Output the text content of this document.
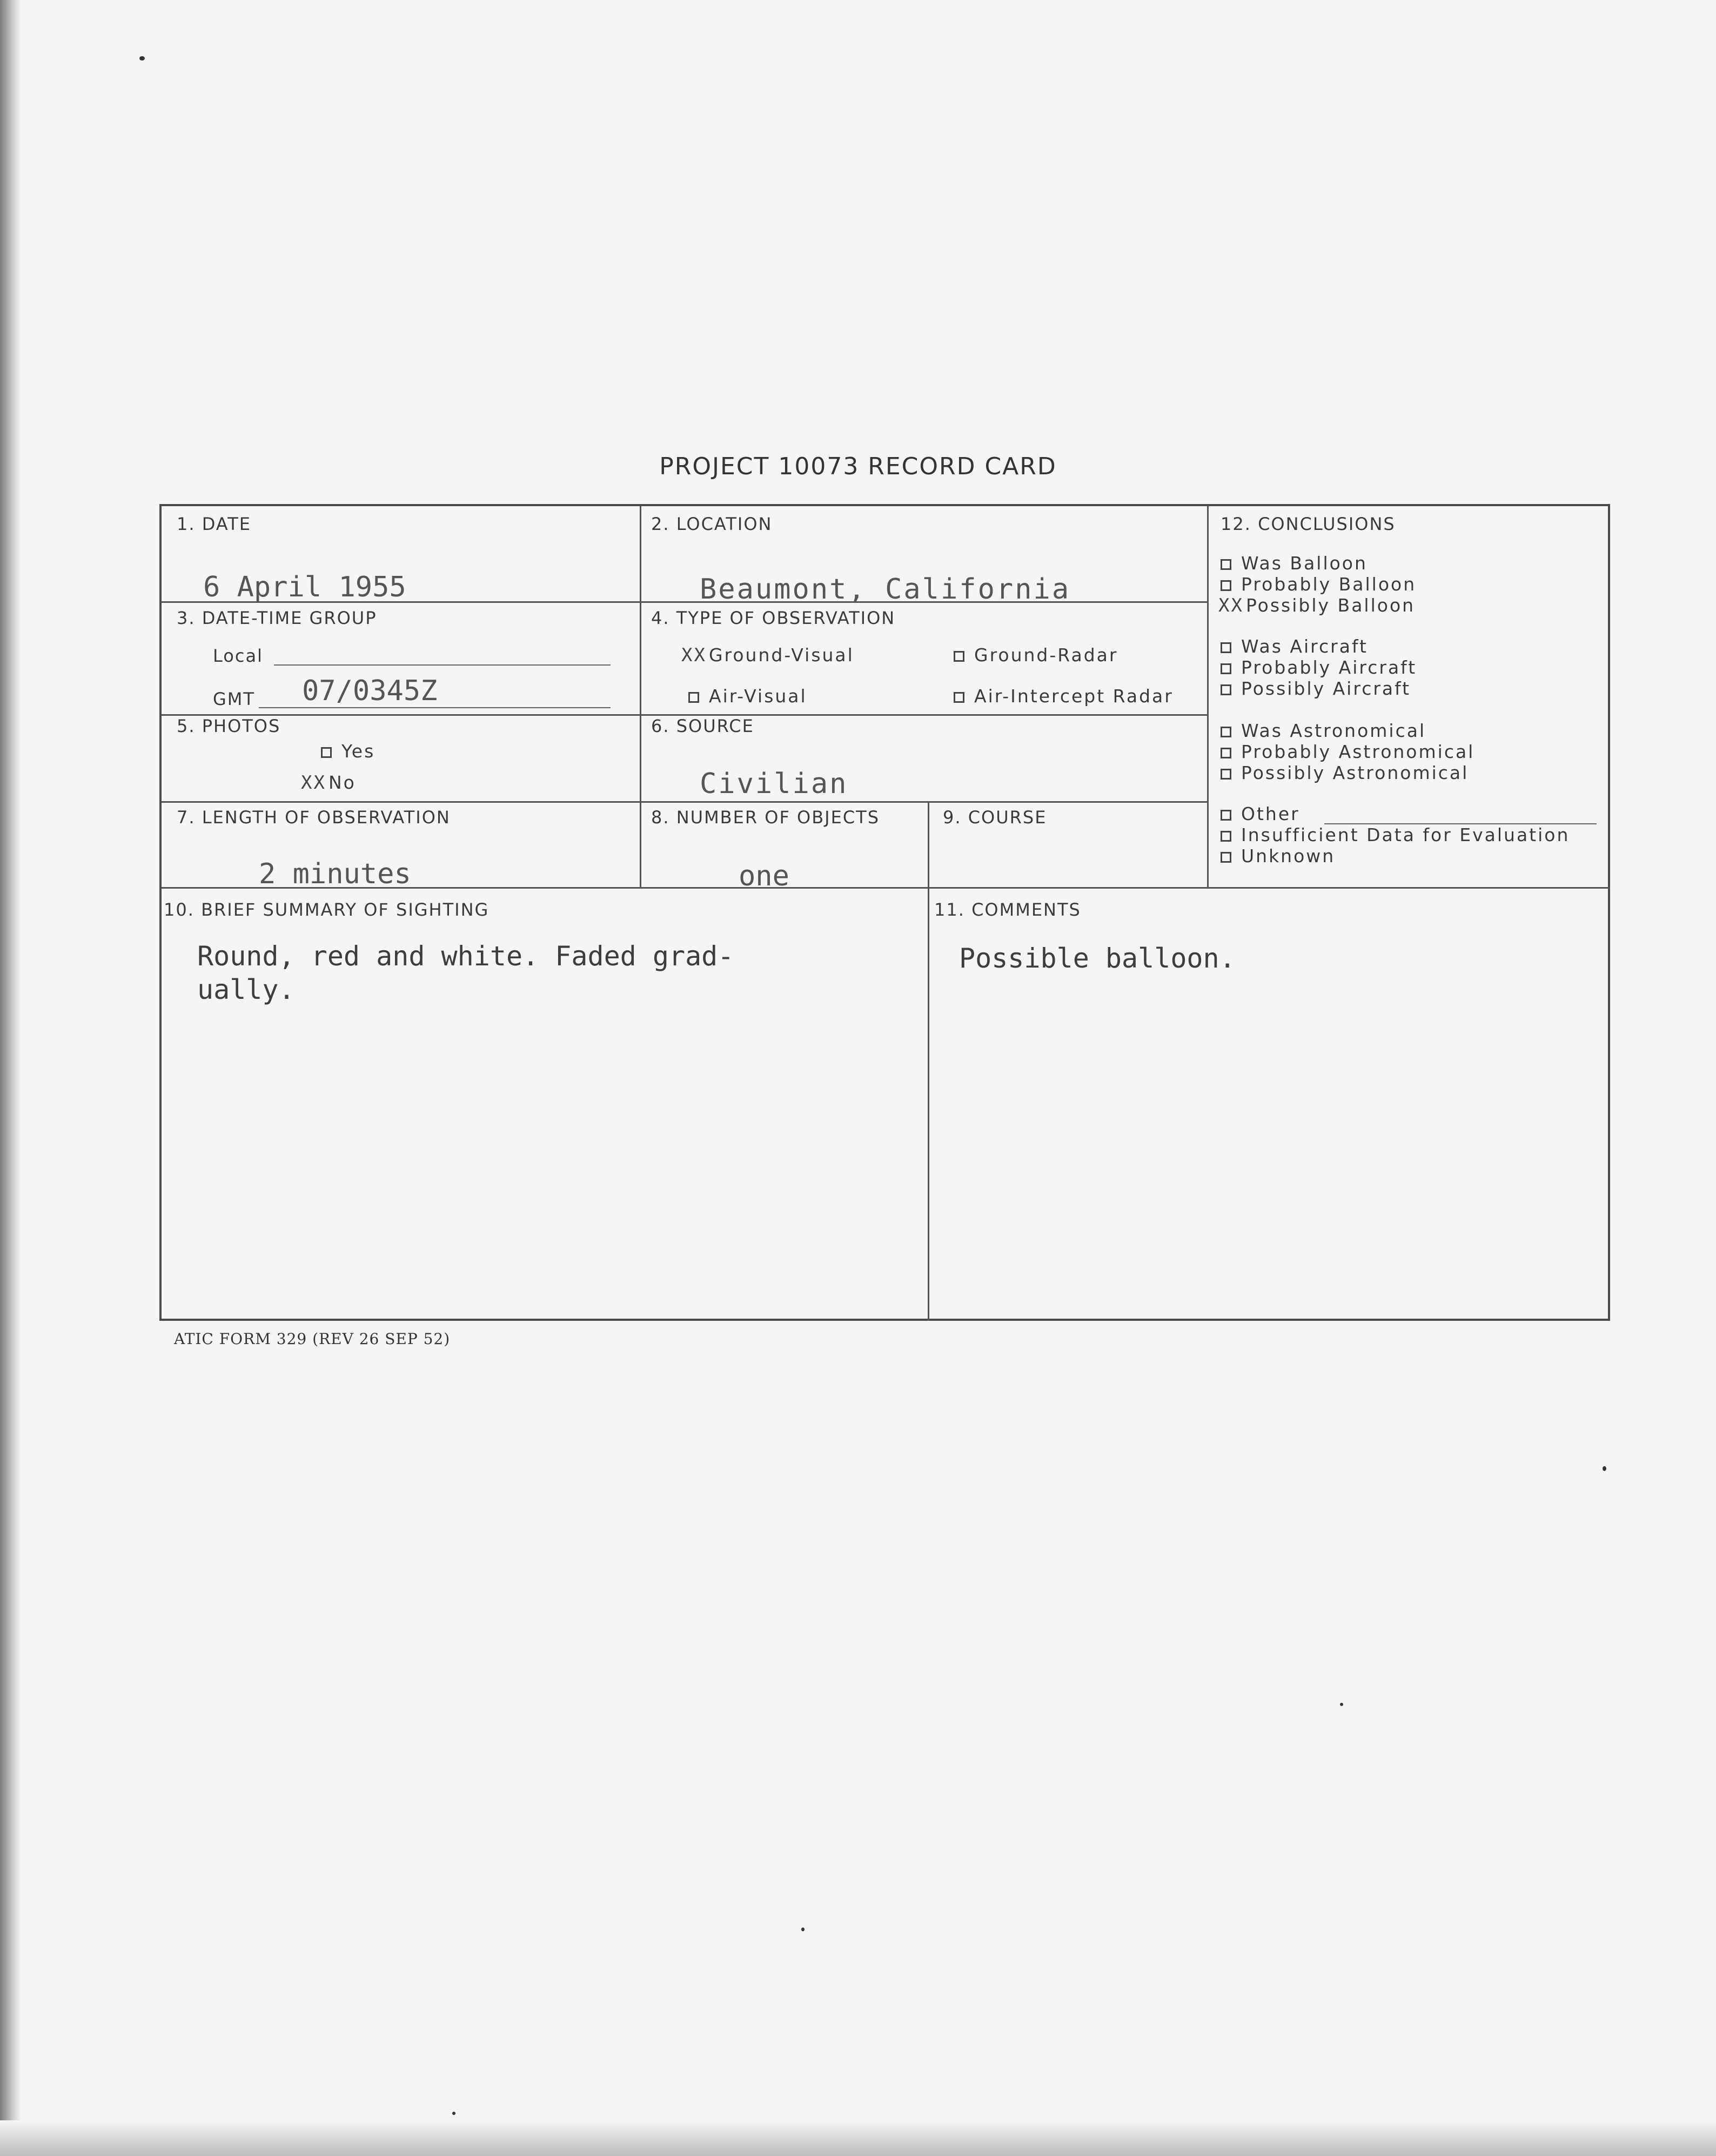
PROJECT 10073 RECORD CARD
1. DATE
6 April 1955
2. LOCATION
Beaumont, California
3. DATE-TIME GROUP
Local
GMT 07/0345Z
4. TYPE OF OBSERVATION
XX Ground-Visual	Ground-Radar
Air-Visual	Air-Intercept Radar
5. PHOTOS
Yes
XX No
6. SOURCE
Civilian
7. LENGTH OF OBSERVATION
2 minutes
8. NUMBER OF OBJECTS
one
9. COURSE
12. CONCLUSIONS
Was Balloon
Probably Balloon
XX Possibly Balloon
Was Aircraft
Probably Aircraft
Possibly Aircraft
Was Astronomical
Probably Astronomical
Possibly Astronomical
Other
Insufficient Data for Evaluation
Unknown
10. BRIEF SUMMARY OF SIGHTING
Round, red and white. Faded grad-
ually.
11. COMMENTS
Possible balloon.
ATIC FORM 329 (REV 26 SEP 52)
